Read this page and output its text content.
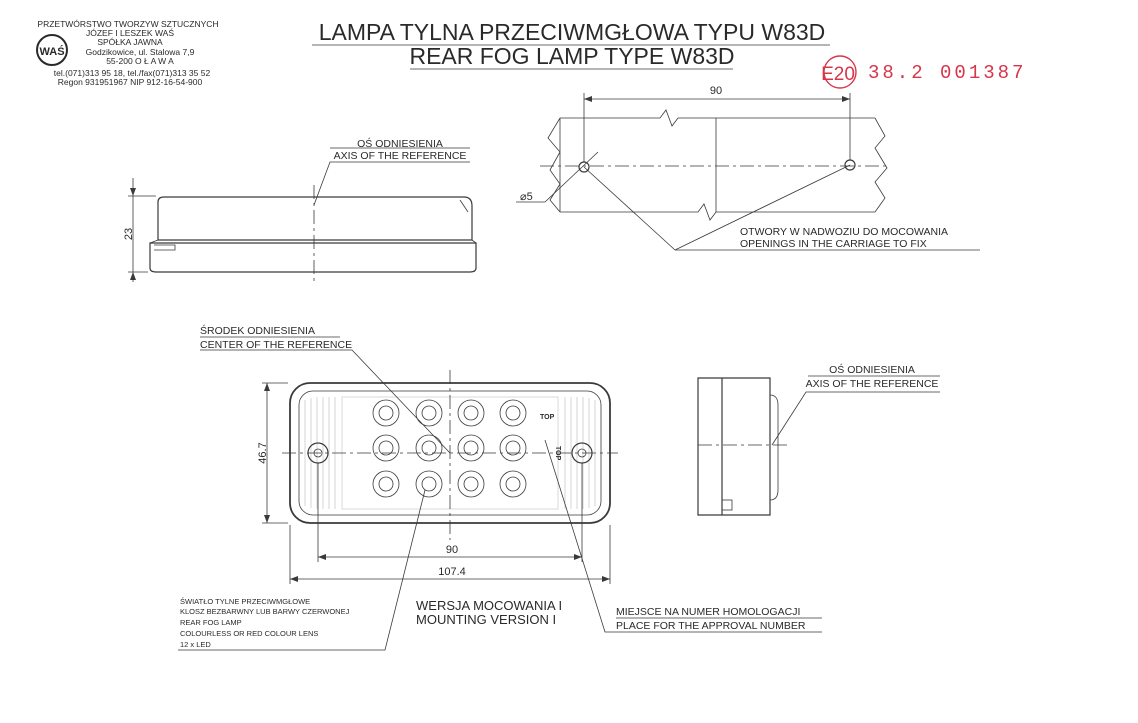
PRZETWÓRSTWO TWORZYW SZTUCZNYCH
JÓZEF I LESZEK WAŚ
SPÓŁKA JAWNA
Godzikowice, ul. Stalowa 7,9
55-200 O Ł A W A
tel.(071)313 95 18, tel./fax(071)313 35 52
Regon 931951967 NIP 912-16-54-900
WAŚ
LAMPA TYLNA PRZECIWMGŁOWA TYPU W83D
REAR FOG LAMP TYPE W83D
E20 38.2 001387
OŚ ODNIESIENIA
AXIS OF THE REFERENCE
23
90
⌀5
OTWORY W NADWOZIU DO MOCOWANIA
OPENINGS IN THE CARRIAGE TO FIX
TOP
TOP
ŚRODEK ODNIESIENIA
CENTER OF THE REFERENCE
46.7
90
107.4
OŚ ODNIESIENIA
AXIS OF THE REFERENCE
ŚWIATŁO TYLNE PRZECIWMGŁOWE
KLOSZ BEZBARWNY LUB BARWY CZERWONEJ
REAR FOG LAMP
COLOURLESS OR RED COLOUR LENS
12 x LED
WERSJA MOCOWANIA I
MOUNTING VERSION I	MIEJSCE NA NUMER HOMOLOGACJI
PLACE FOR THE APPROVAL NUMBER
